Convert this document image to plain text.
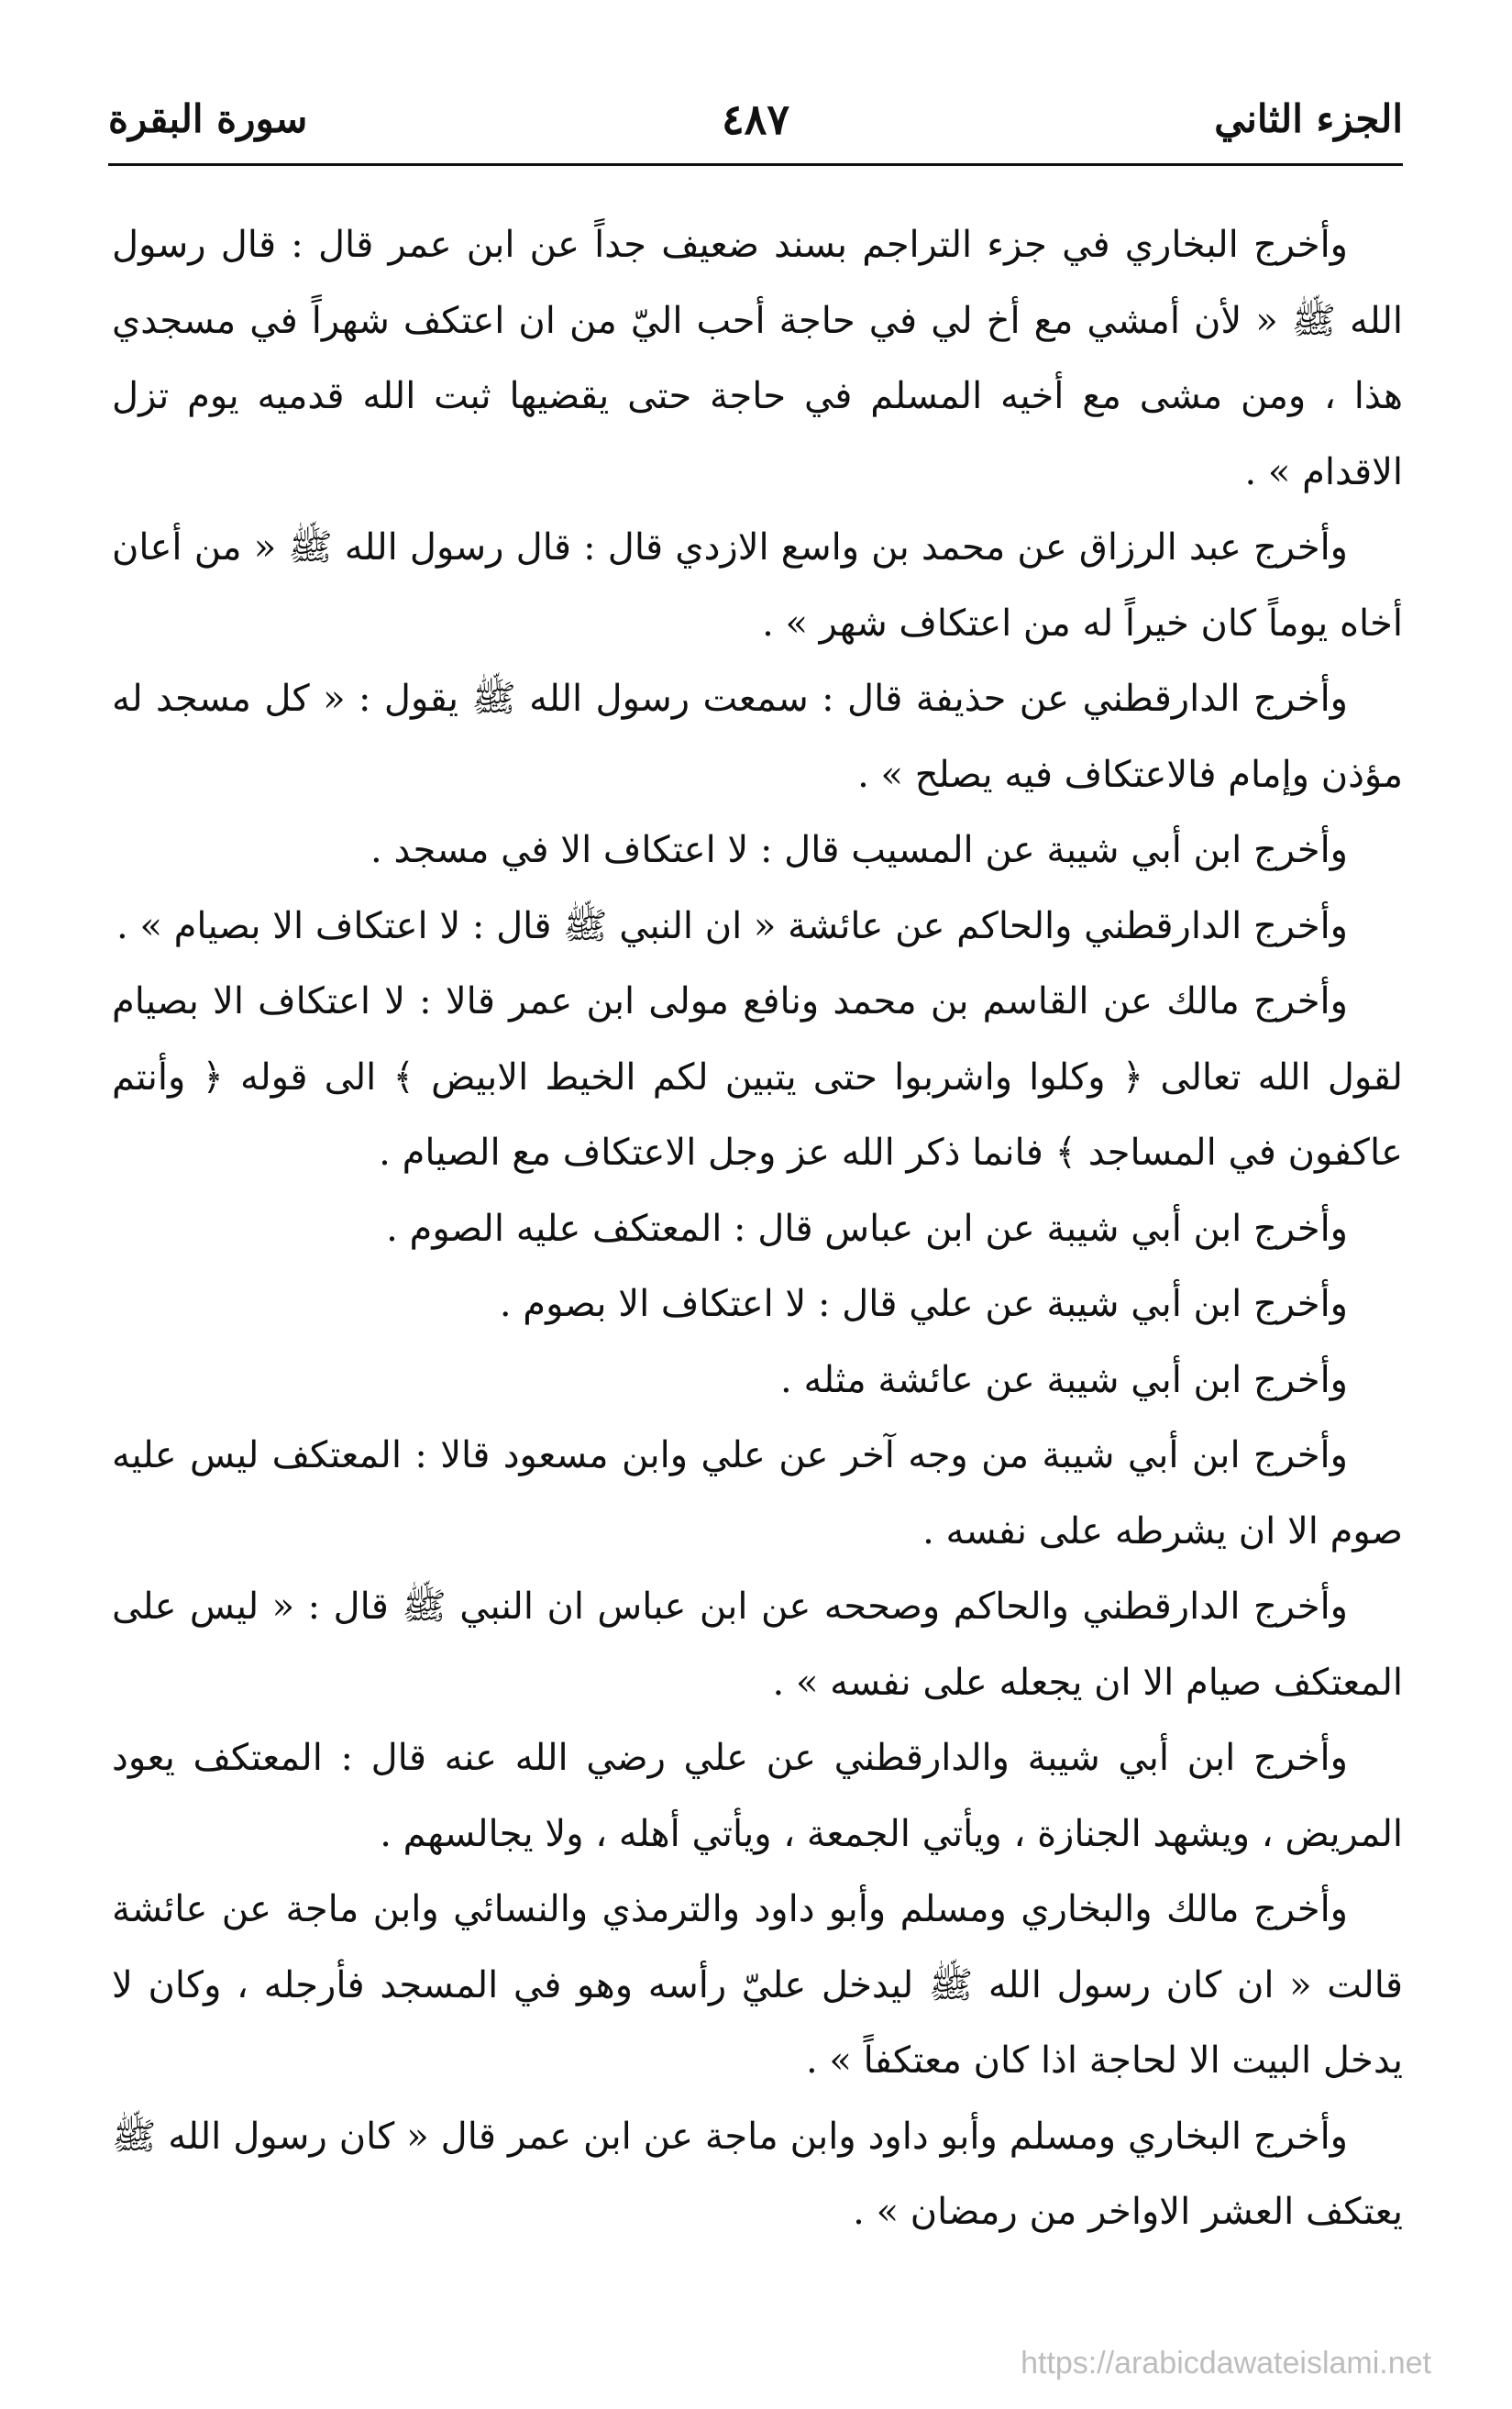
الجزء الثاني
٤٨٧
سورة البقرة

وأخرج البخاري في جزء التراجم بسند ضعيف جداً عن ابن عمر قال : قال رسول الله ﷺ « لأن أمشي مع أخ لي في حاجة أحب اليّ من ان اعتكف شهراً في مسجدي هذا ، ومن مشى مع أخيه المسلم في حاجة حتى يقضيها ثبت الله قدميه يوم تزل الاقدام » .

وأخرج عبد الرزاق عن محمد بن واسع الازدي قال : قال رسول الله ﷺ « من أعان أخاه يوماً كان خيراً له من اعتكاف شهر » .

وأخرج الدارقطني عن حذيفة قال : سمعت رسول الله ﷺ يقول : « كل مسجد له مؤذن وإمام فالاعتكاف فيه يصلح » .

وأخرج ابن أبي شيبة عن المسيب قال : لا اعتكاف الا في مسجد .

وأخرج الدارقطني والحاكم عن عائشة « ان النبي ﷺ قال : لا اعتكاف الا بصيام » .

وأخرج مالك عن القاسم بن محمد ونافع مولى ابن عمر قالا : لا اعتكاف الا بصيام لقول الله تعالى ﴿ وكلوا واشربوا حتى يتبين لكم الخيط الابيض ﴾ الى قوله ﴿ وأنتم عاكفون في المساجد ﴾ فانما ذكر الله عز وجل الاعتكاف مع الصيام .

وأخرج ابن أبي شيبة عن ابن عباس قال : المعتكف عليه الصوم .

وأخرج ابن أبي شيبة عن علي قال : لا اعتكاف الا بصوم .

وأخرج ابن أبي شيبة عن عائشة مثله .

وأخرج ابن أبي شيبة من وجه آخر عن علي وابن مسعود قالا : المعتكف ليس عليه صوم الا ان يشرطه على نفسه .

وأخرج الدارقطني والحاكم وصححه عن ابن عباس ان النبي ﷺ قال : « ليس على المعتكف صيام الا ان يجعله على نفسه » .

وأخرج ابن أبي شيبة والدارقطني عن علي رضي الله عنه قال : المعتكف يعود المريض ، ويشهد الجنازة ، ويأتي الجمعة ، ويأتي أهله ، ولا يجالسهم .

وأخرج مالك والبخاري ومسلم وأبو داود والترمذي والنسائي وابن ماجة عن عائشة قالت « ان كان رسول الله ﷺ ليدخل عليّ رأسه وهو في المسجد فأرجله ، وكان لا يدخل البيت الا لحاجة اذا كان معتكفاً » .

وأخرج البخاري ومسلم وأبو داود وابن ماجة عن ابن عمر قال « كان رسول الله ﷺ يعتكف العشر الاواخر من رمضان » .

https://arabicdawateislami.net
